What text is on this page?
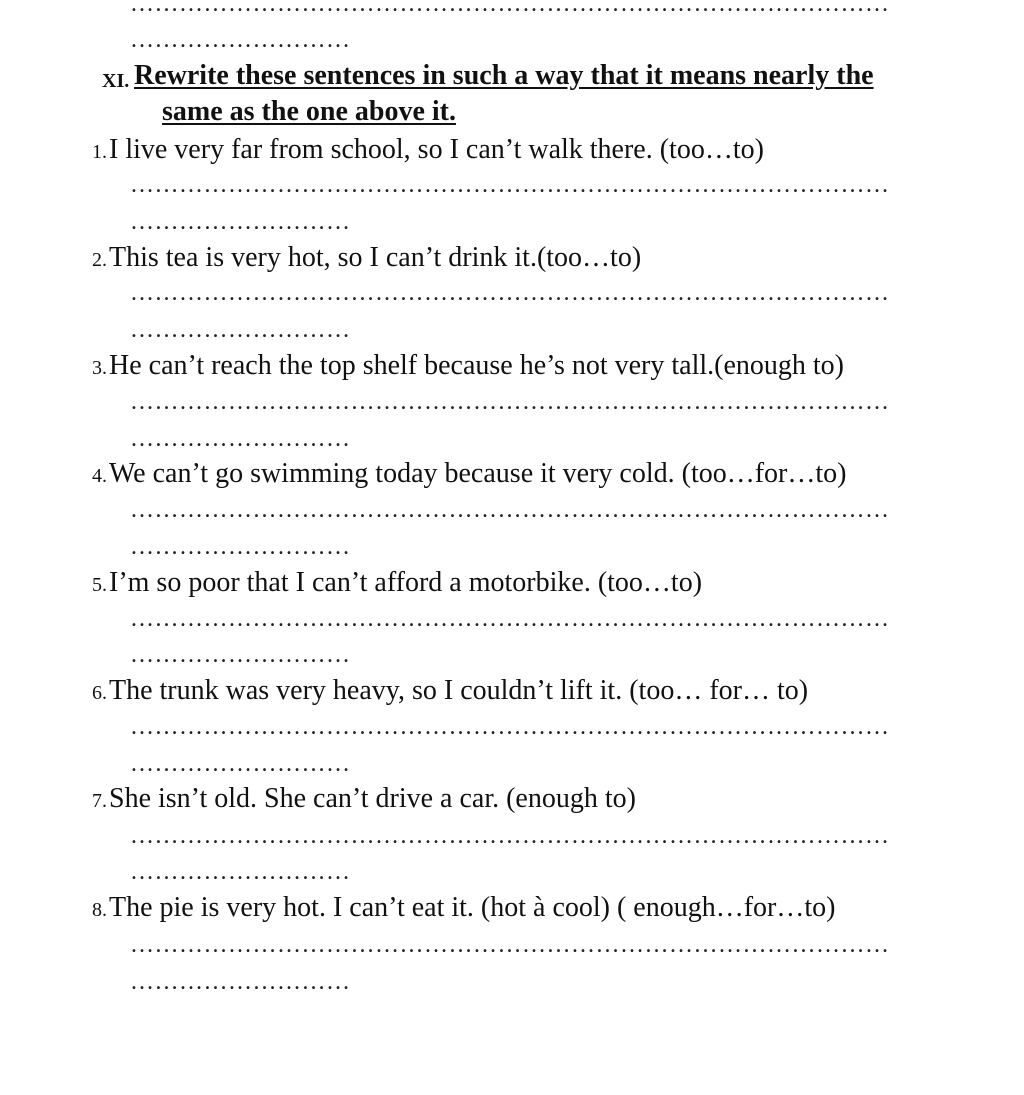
…………………………………………………………………………………
………………………
XI. Rewrite these sentences in such a way that it means nearly the
same as the one above it.
1.I live very far from school, so I can’t walk there. (too…to)
…………………………………………………………………………………
………………………
2.This tea is very hot, so I can’t drink it.(too…to)
…………………………………………………………………………………
………………………
3.He can’t reach the top shelf because he’s not very tall.(enough to)
…………………………………………………………………………………
………………………
4.We can’t go swimming today because it very cold. (too…for…to)
…………………………………………………………………………………
………………………
5.I’m so poor that I can’t afford a motorbike. (too…to)
…………………………………………………………………………………
………………………
6.The trunk was very heavy, so I couldn’t lift it. (too… for… to)
…………………………………………………………………………………
………………………
7.She isn’t old. She can’t drive a car. (enough to)
…………………………………………………………………………………
………………………
8.The pie is very hot. I can’t eat it. (hot à cool) ( enough…for…to)
…………………………………………………………………………………
………………………
